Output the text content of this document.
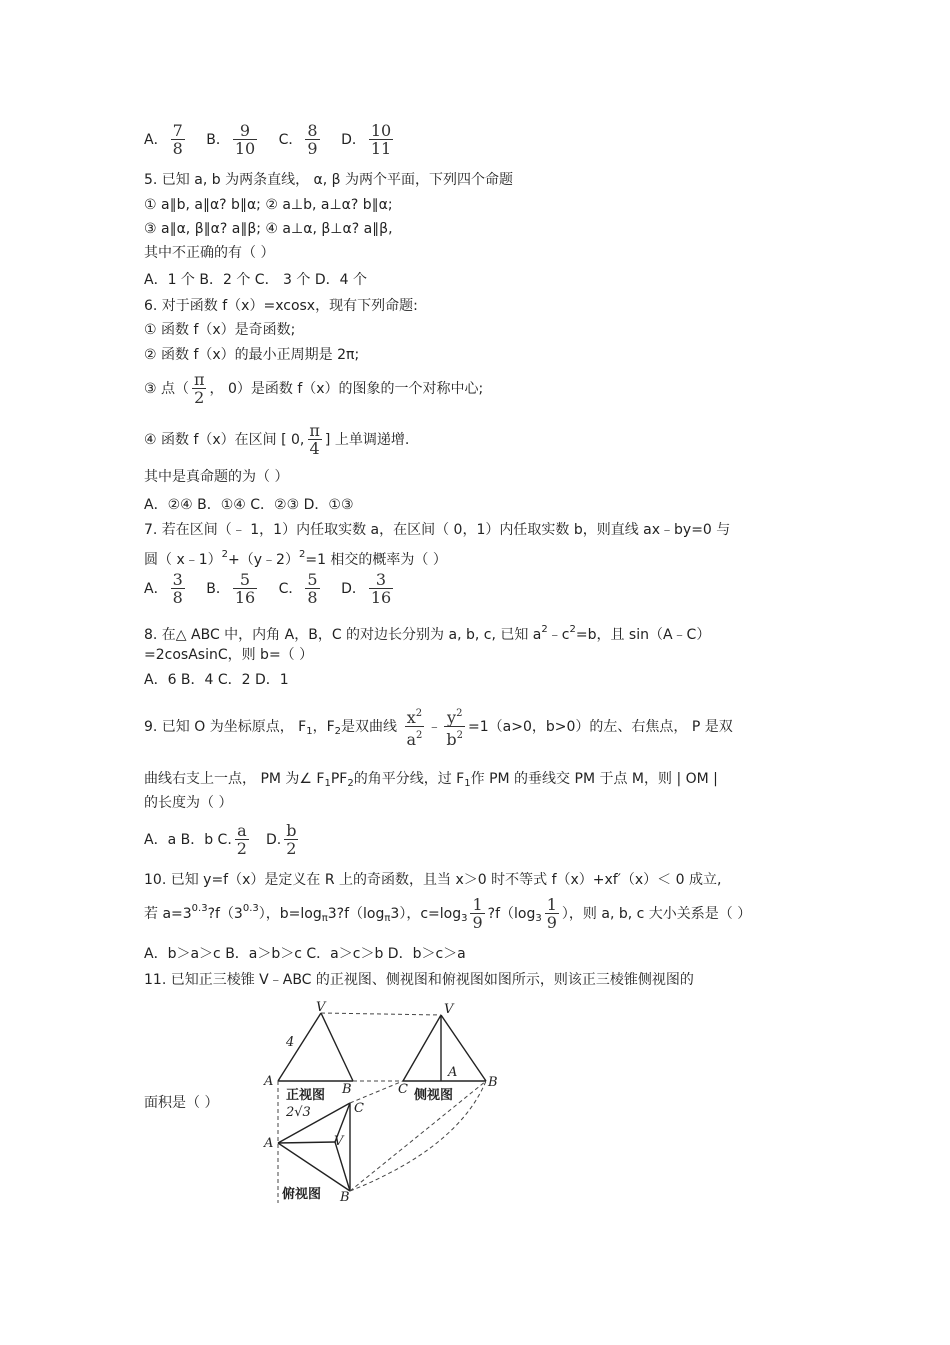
A． $\frac{7}{8}$ B． $\frac{9}{10}$ C． $\frac{8}{9}$ D． $\frac{10}{11}$
5. 已知 a, b 为两条直线， α, β 为两个平面，下列四个命题
① a∥b, a∥α? b∥α; ② a⊥b, a⊥α? b∥α;
③ a∥α, β∥α? a∥β; ④ a⊥α, β⊥α? a∥β,
其中不正确的有（ ）
A．1 个 B．2 个 C． 3 个 D．4 个
6. 对于函数 f（x）=xcosx，现有下列命题:
① 函数 f（x）是奇函数;
② 函数 f（x）的最小正周期是 2π;
③ 点（ $\frac{\pi}{2}$ ， 0）是函数 f（x）的图象的一个对称中心;
④ 函数 f（x）在区间 [ 0, $\frac{\pi}{4}$ ] 上单调递增.
其中是真命题的为（ ）
A．②④ B．①④ C．②③ D．①③
7. 若在区间（﹣ 1，1）内任取实数 a，在区间（ 0，1）内任取实数 b，则直线 ax﹣by=0 与
圆（ x﹣1）$^2$+（y﹣2）$^2$=1 相交的概率为（ ）
A． $\frac{3}{8}$ B． $\frac{5}{16}$ C． $\frac{5}{8}$ D． $\frac{3}{16}$
8. 在△ ABC 中，内角 A，B，C 的对边长分别为 a, b, c, 已知 $a^2﹣c^2=b$，且 sin（A﹣C）
=2cosAsinC，则 b=（ ）
A．6 B．4 C．2 D．1
9. 已知 O 为坐标原点， $F_1$，$F_2$是双曲线 $\frac{x^2}{a^2}$ ﹣ $\frac{y^2}{b^2} =1(a>0$，b>0）的左、右焦点， P 是双
曲线右支上一点， PM 为∠ $F_1PF_2$的角平分线，过 $F_1$作 PM 的垂线交 PM 于点 M，则 | OM |
的长度为（ ）
A．a B．b C. $\frac{a}{2} D$. $\frac{b}{2}$
10. 已知 y=f（x）是定义在 R 上的奇函数，且当 x＞0 时不等式 f（x）+xf′（x）＜ 0 成立,
若 $a=3^{0.3}?f(3^{0.3})$，$b=\log_\pi 3?f(\log_\pi 3)$，$c=\log_3 \frac{1}{9}$ $?f(\log_3 \frac{1}{9}$ ），则 a, b, c 大小关系是（ ）
A．b＞a＞c B．a＞b＞c C．a＞c＞b D．b＞c＞a
11. 已知正三棱锥 V﹣ABC 的正视图、侧视图和俯视图如图所示，则该正三棱锥侧视图的
面积是（ ）
V	V
A
B	C
A
B
4
A	V
C
B
2√3
正视图	侧视图
俯视图
